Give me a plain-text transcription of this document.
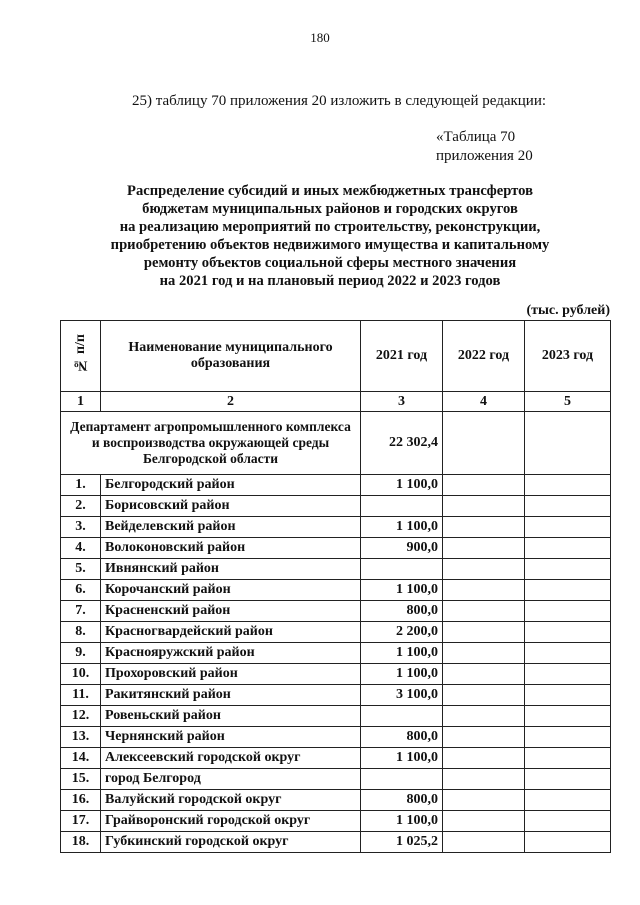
180
25) таблицу 70 приложения 20 изложить в следующей редакции:
«Таблица 70
приложения 20
Распределение субсидий и иных межбюджетных трансфертов
бюджетам муниципальных районов и городских округов
на реализацию мероприятий по строительству, реконструкции,
приобретению объектов недвижимого имущества и капитальному
ремонту объектов социальной сферы местного значения
на 2021 год и на плановый период 2022 и 2023 годов
(тыс. рублей)
№ п/п	Наименование муниципального образования	2021 год	2022 год	2023 год
1	2	3	4	5
Департамент агропромышленного комплекса и воспроизводства окружающей среды Белгородской области		22 302,4		
1.	Белгородский район	1 100,0		
2.	Борисовский район			
3.	Вейделевский район	1 100,0		
4.	Волоконовский район	900,0		
5.	Ивнянский район			
6.	Корочанский район	1 100,0		
7.	Красненский район	800,0		
8.	Красногвардейский район	2 200,0		
9.	Краснояружский район	1 100,0		
10.	Прохоровский район	1 100,0		
11.	Ракитянский район	3 100,0		
12.	Ровеньский район			
13.	Чернянский район	800,0		
14.	Алексеевский городской округ	1 100,0		
15.	город Белгород			
16.	Валуйский городской округ	800,0		
17.	Грайворонский городской округ	1 100,0		
18.	Губкинский городской округ	1 025,2		
